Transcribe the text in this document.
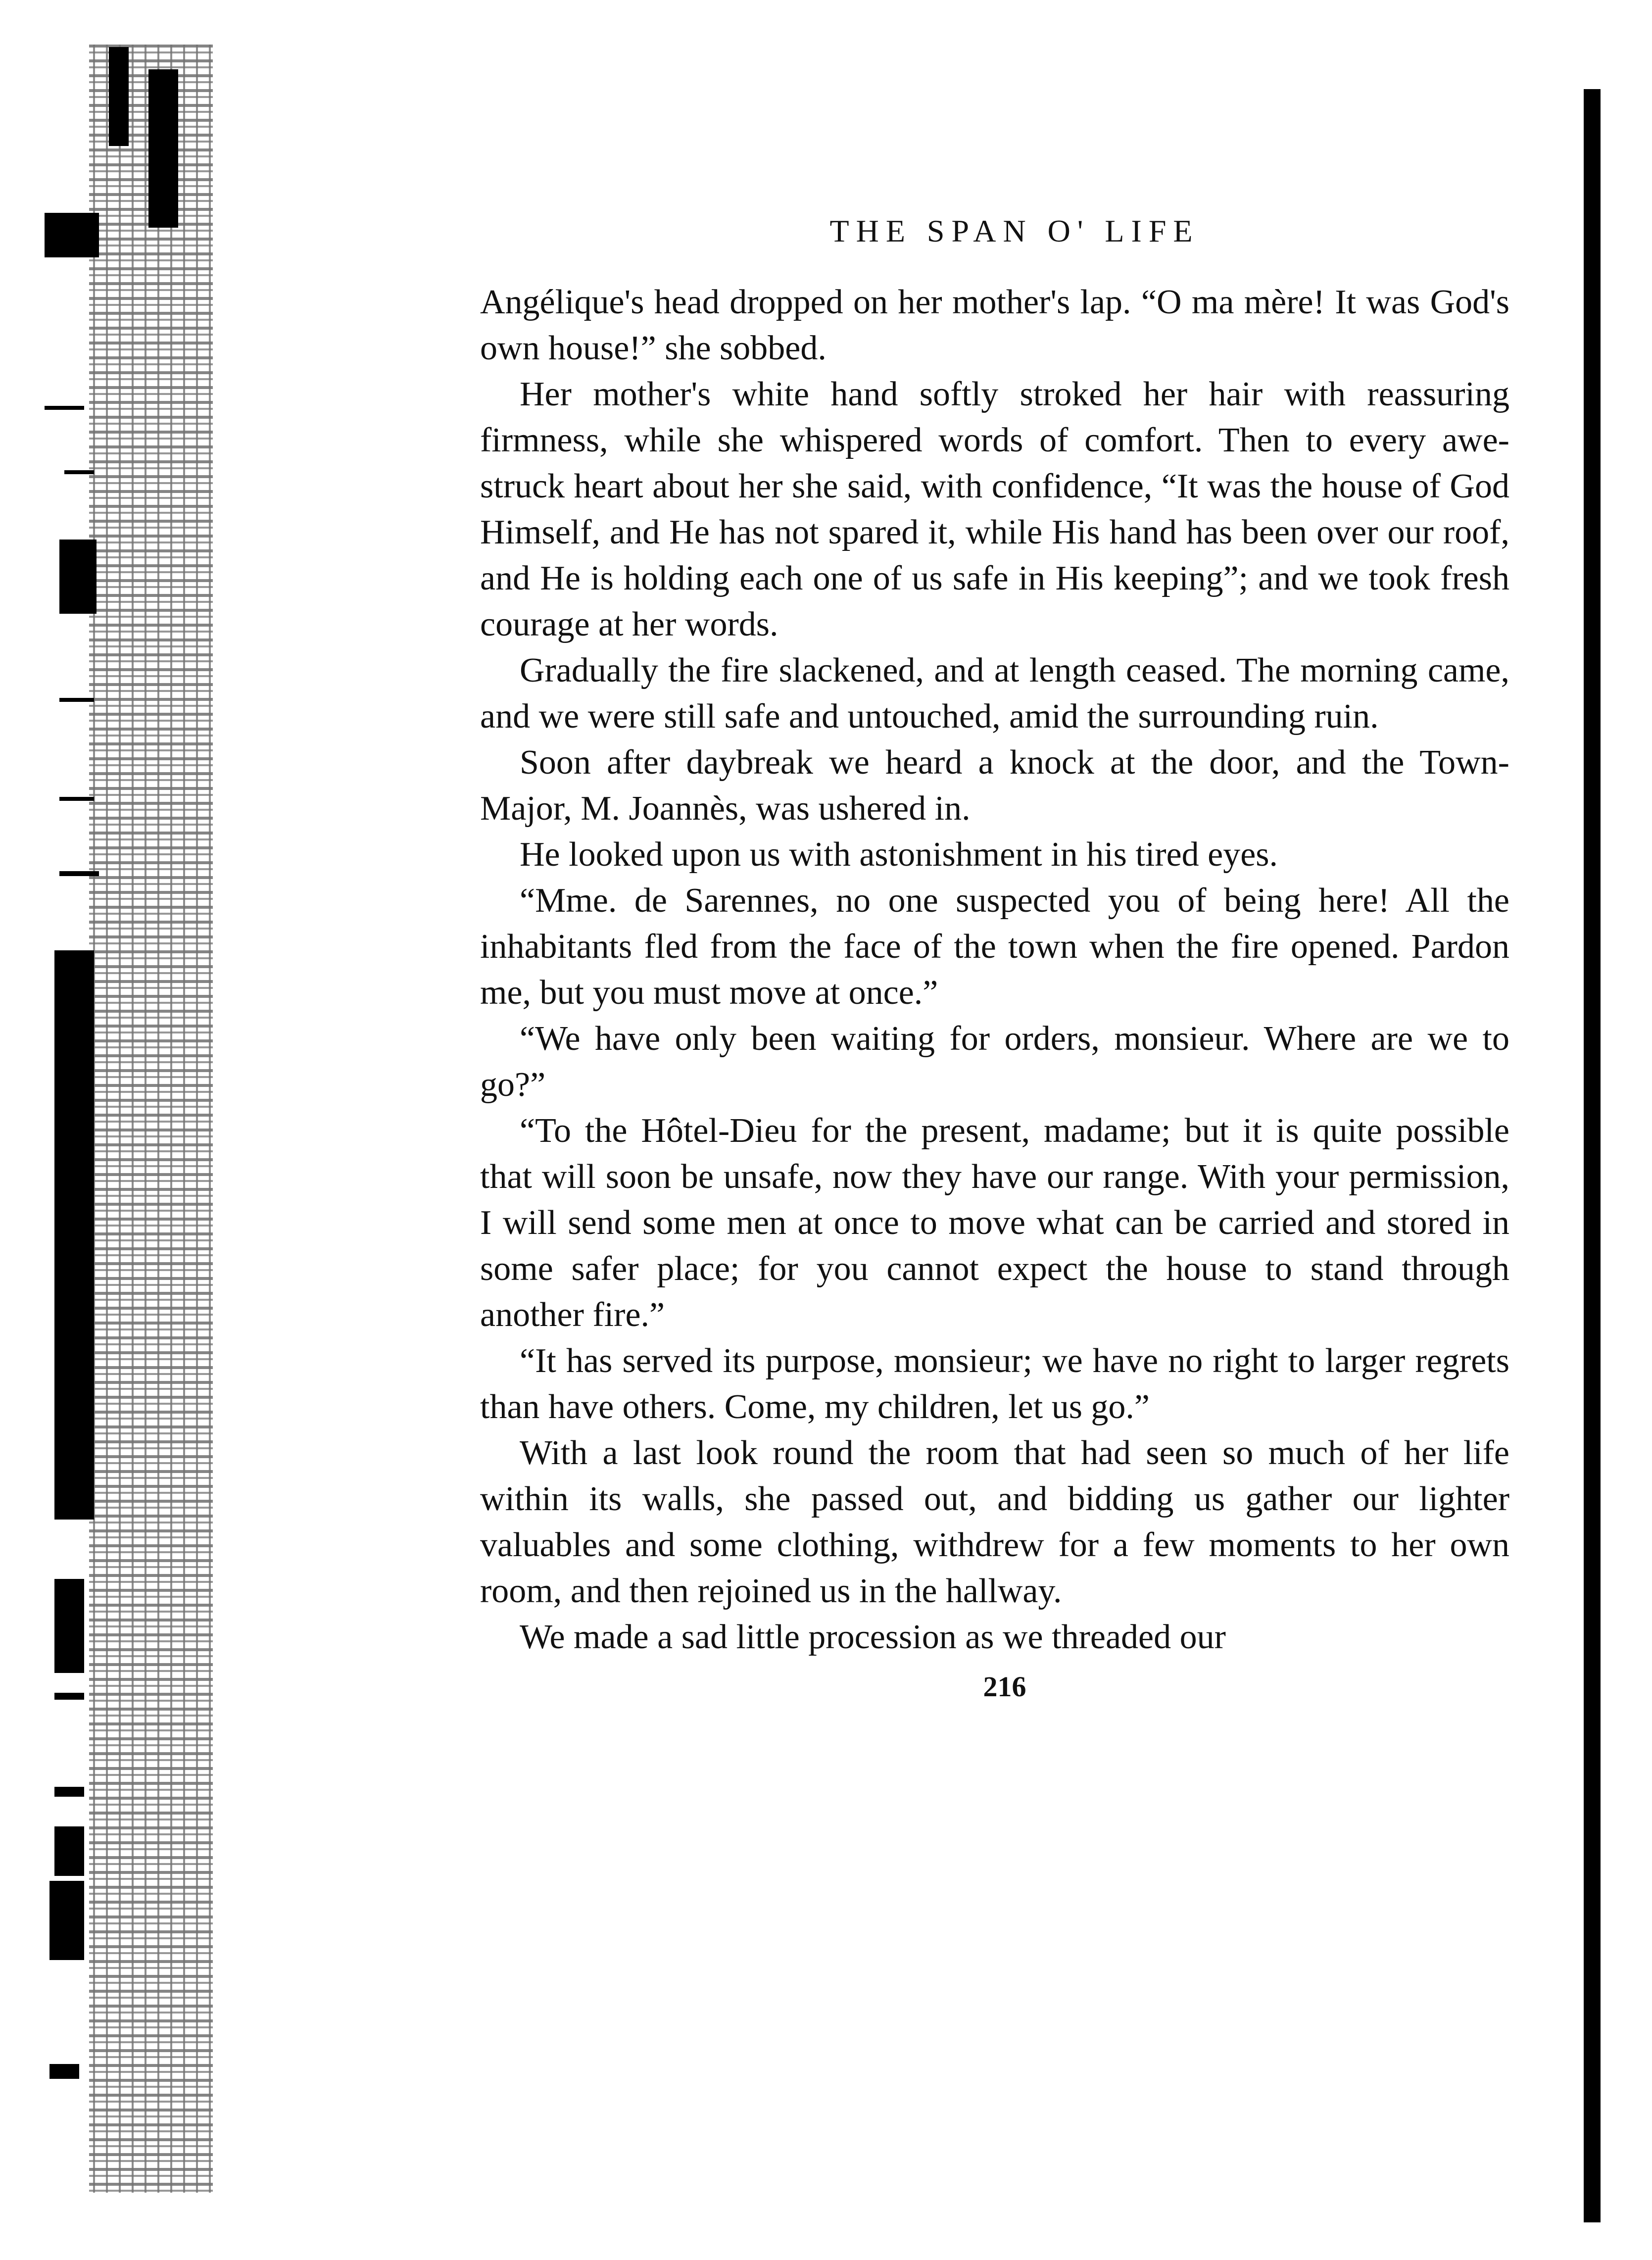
THE SPAN O' LIFE

Angélique's head dropped on her mother's lap. “O ma mère! It was God's own house!” she sobbed.

Her mother's white hand softly stroked her hair with reassuring firmness, while she whispered words of comfort. Then to every awe-struck heart about her she said, with confidence, “It was the house of God Himself, and He has not spared it, while His hand has been over our roof, and He is holding each one of us safe in His keeping”; and we took fresh courage at her words.

Gradually the fire slackened, and at length ceased. The morning came, and we were still safe and untouched, amid the surrounding ruin.

Soon after daybreak we heard a knock at the door, and the Town-Major, M. Joannès, was ushered in.

He looked upon us with astonishment in his tired eyes.

“Mme. de Sarennes, no one suspected you of being here! All the inhabitants fled from the face of the town when the fire opened. Pardon me, but you must move at once.”

“We have only been waiting for orders, monsieur. Where are we to go?”

“To the Hôtel-Dieu for the present, madame; but it is quite possible that will soon be unsafe, now they have our range. With your permission, I will send some men at once to move what can be carried and stored in some safer place; for you cannot expect the house to stand through another fire.”

“It has served its purpose, monsieur; we have no right to larger regrets than have others. Come, my children, let us go.”

With a last look round the room that had seen so much of her life within its walls, she passed out, and bidding us gather our lighter valuables and some clothing, withdrew for a few moments to her own room, and then rejoined us in the hallway.

We made a sad little procession as we threaded our

216
